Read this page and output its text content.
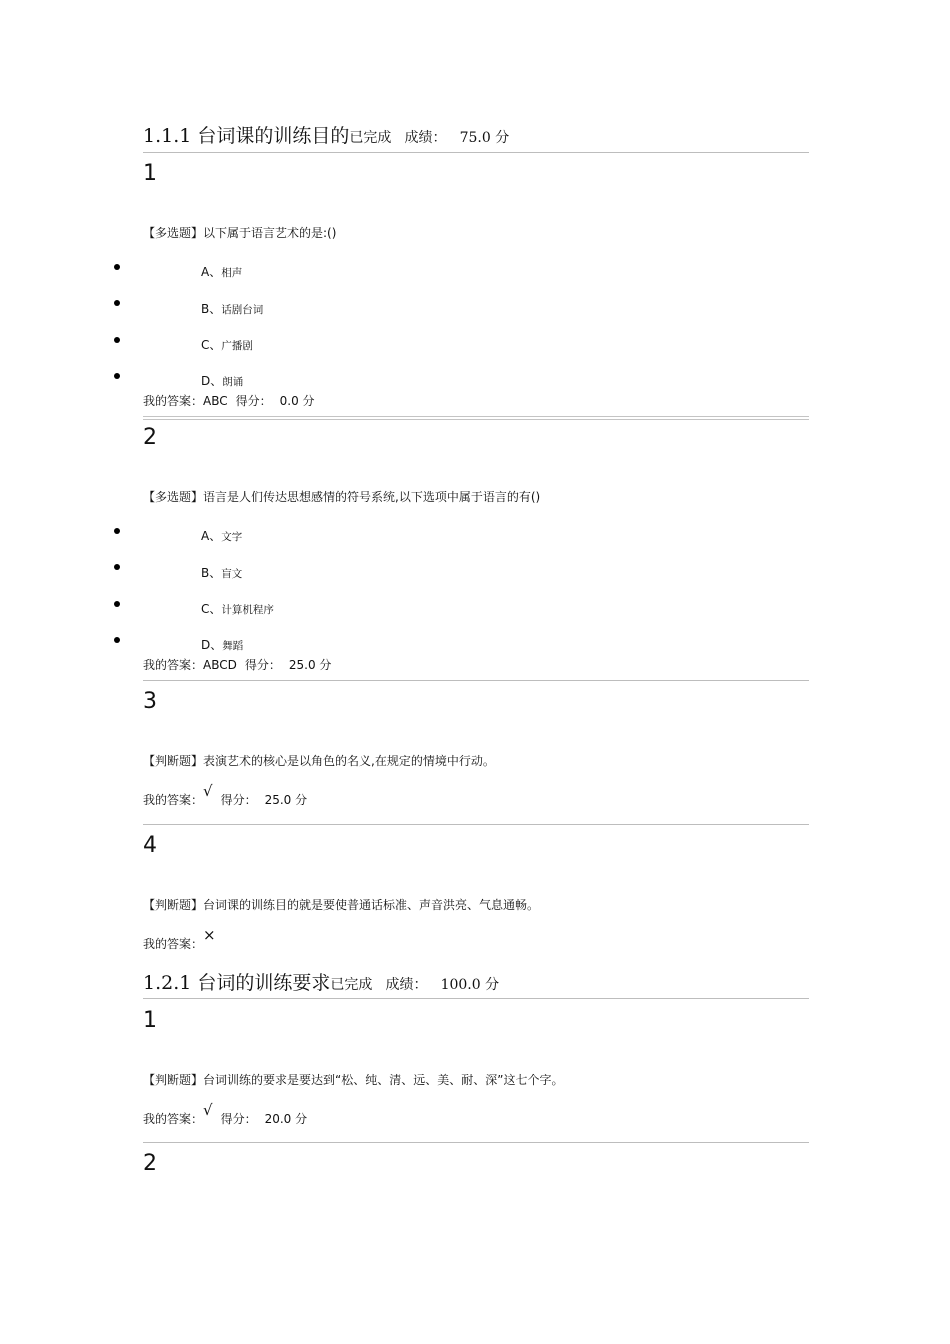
1.1.1 台词课的训练目的已完成 成绩： 75.0 分
1
【多选题】以下属于语言艺术的是:()
A、相声
B、话剧台词
C、广播剧
D、朗诵
我的答案：ABC 得分： 0.0 分
2
【多选题】语言是人们传达思想感情的符号系统,以下选项中属于语言的有()
A、文字
B、盲文
C、计算机程序
D、舞蹈
我的答案：ABCD 得分： 25.0 分
3
【判断题】表演艺术的核心是以角色的名义,在规定的情境中行动。
我的答案：√ 得分： 25.0 分
4
【判断题】台词课的训练目的就是要使普通话标准、声音洪亮、气息通畅。
我的答案：×
1.2.1 台词的训练要求已完成 成绩： 100.0 分
1
【判断题】台词训练的要求是要达到“松、纯、清、远、美、耐、深”这七个字。
我的答案：√ 得分： 20.0 分
2
